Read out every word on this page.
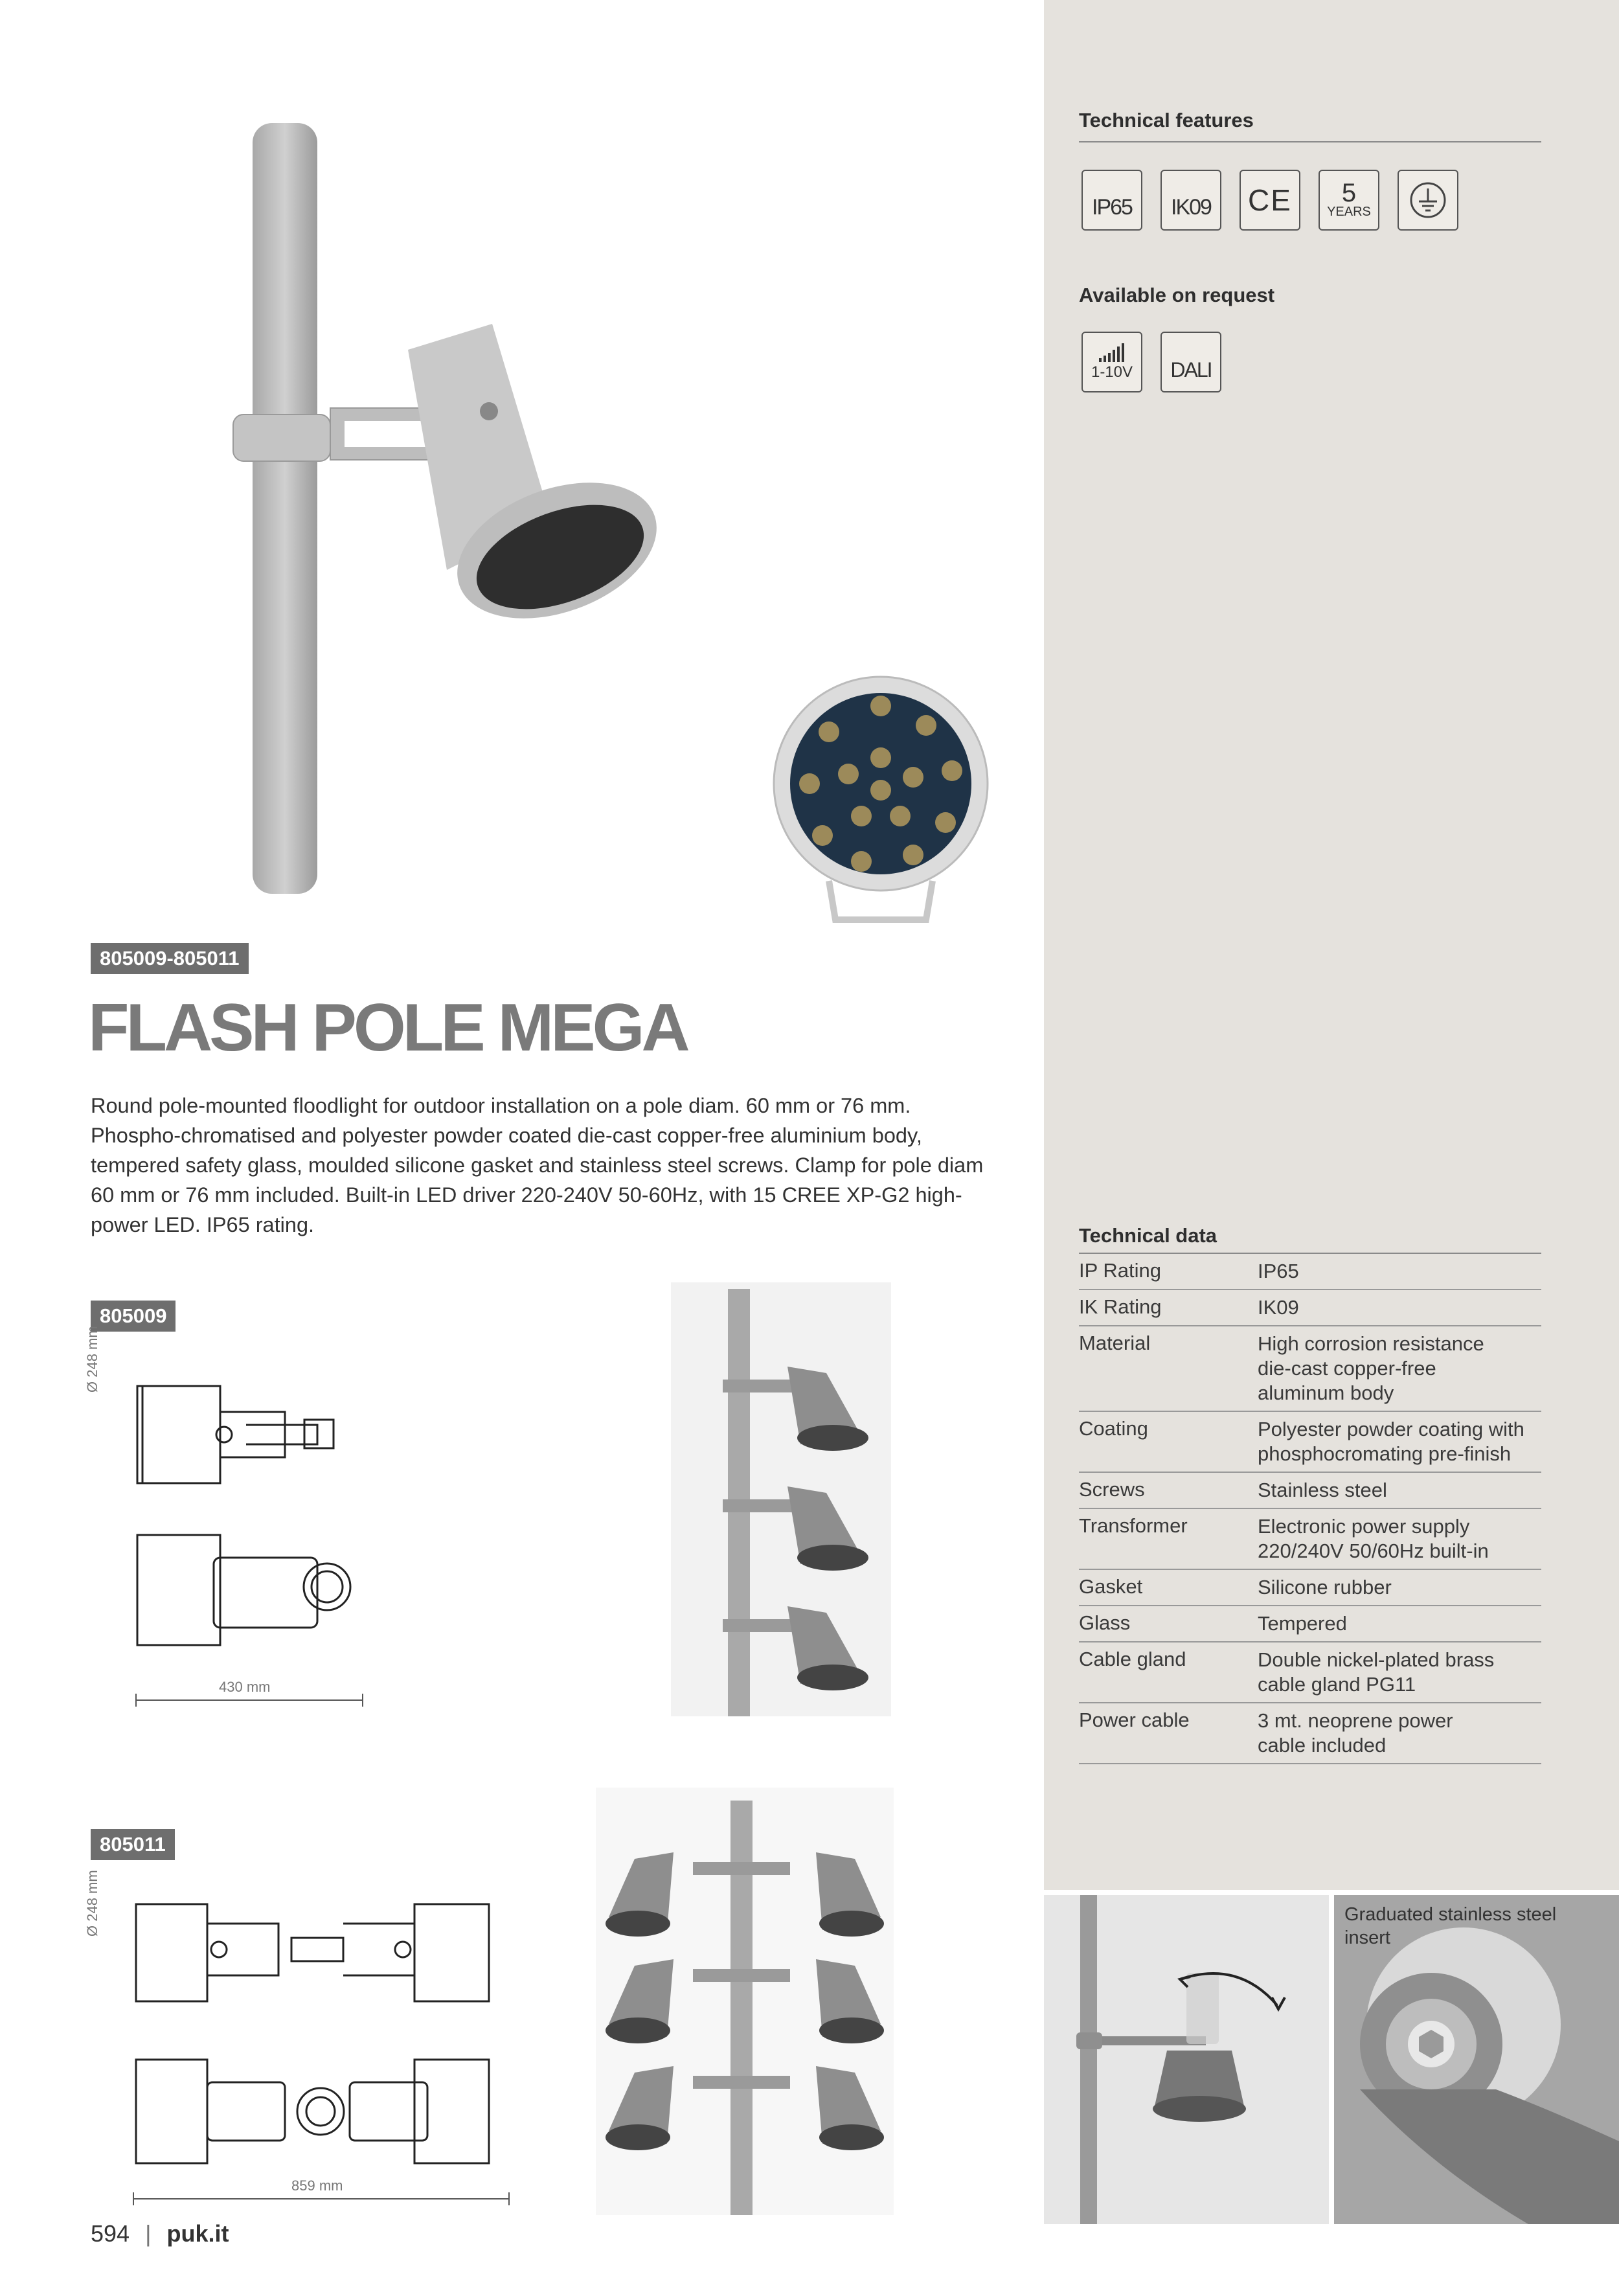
Technical features
IP65 IK09 CE 5
YEARS
Available on request
1-10V DALI
Technical data
IP Rating	IP65
IK Rating	IK09
Material	High corrosion resistance die-cast copper-free aluminum body
Coating	Polyester powder coating with phosphocromating pre-finish
Screws	Stainless steel
Transformer	Electronic power supply 220/240V 50/60Hz built-in
Gasket	Silicone rubber
Glass	Tempered
Cable gland	Double nickel-plated brass cable gland PG11
Power cable	3 mt. neoprene power cable included
Graduated stainless steel insert
805009-805011
FLASH POLE MEGA
Round pole-mounted floodlight for outdoor installation on a pole diam. 60 mm or 76 mm. Phospho-chromatised and polyester powder coated die-cast copper-free aluminium body, tempered safety glass, moulded silicone gasket and stainless steel screws. Clamp for pole diam 60 mm or 76 mm included. Built-in LED driver 220-240V 50-60Hz, with 15 CREE XP-G2 high-power LED. IP65 rating.
805009
Ø 248 mm
430 mm
805011
Ø 248 mm
859 mm
594 | puk.it
